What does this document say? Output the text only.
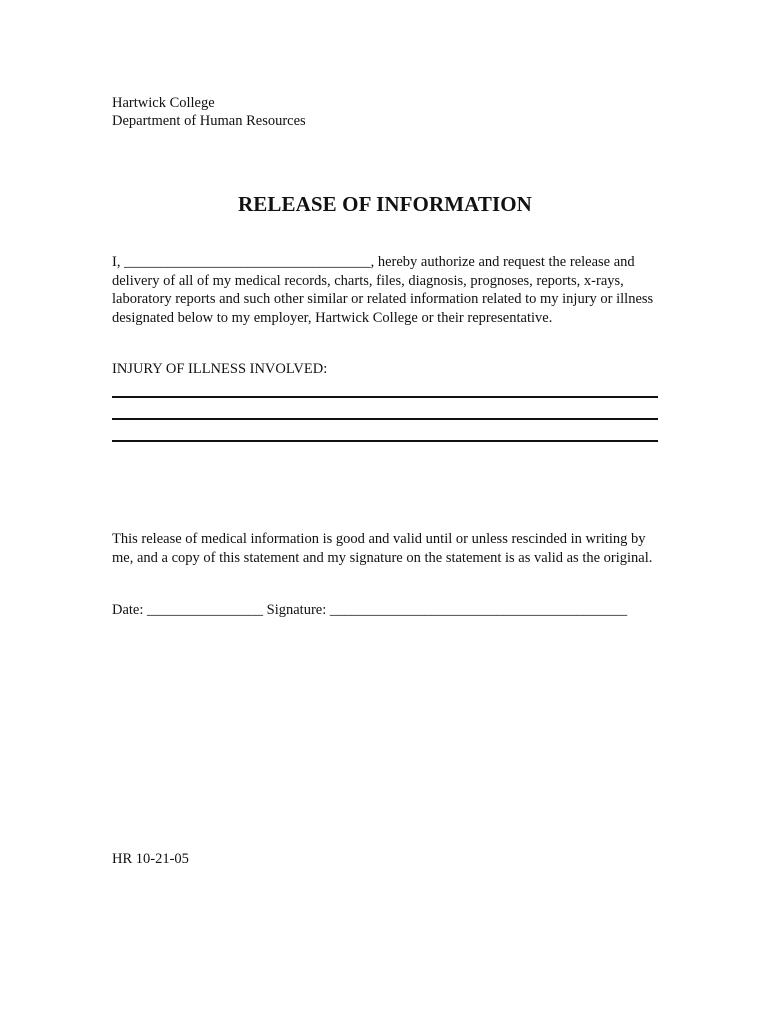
Hartwick College
Department of Human Resources
RELEASE OF INFORMATION
I, __________________________________, hereby authorize and request the release and delivery of all of my medical records, charts, files, diagnosis, prognoses, reports, x-rays, laboratory reports and such other similar or related information related to my injury or illness designated below to my employer, Hartwick College or their representative.
INJURY OF ILLNESS INVOLVED:
This release of medical information is good and valid until or unless rescinded in writing by me, and a copy of this statement and my signature on the statement is as valid as the original.
Date: ________________ Signature: _________________________________________
HR 10-21-05
